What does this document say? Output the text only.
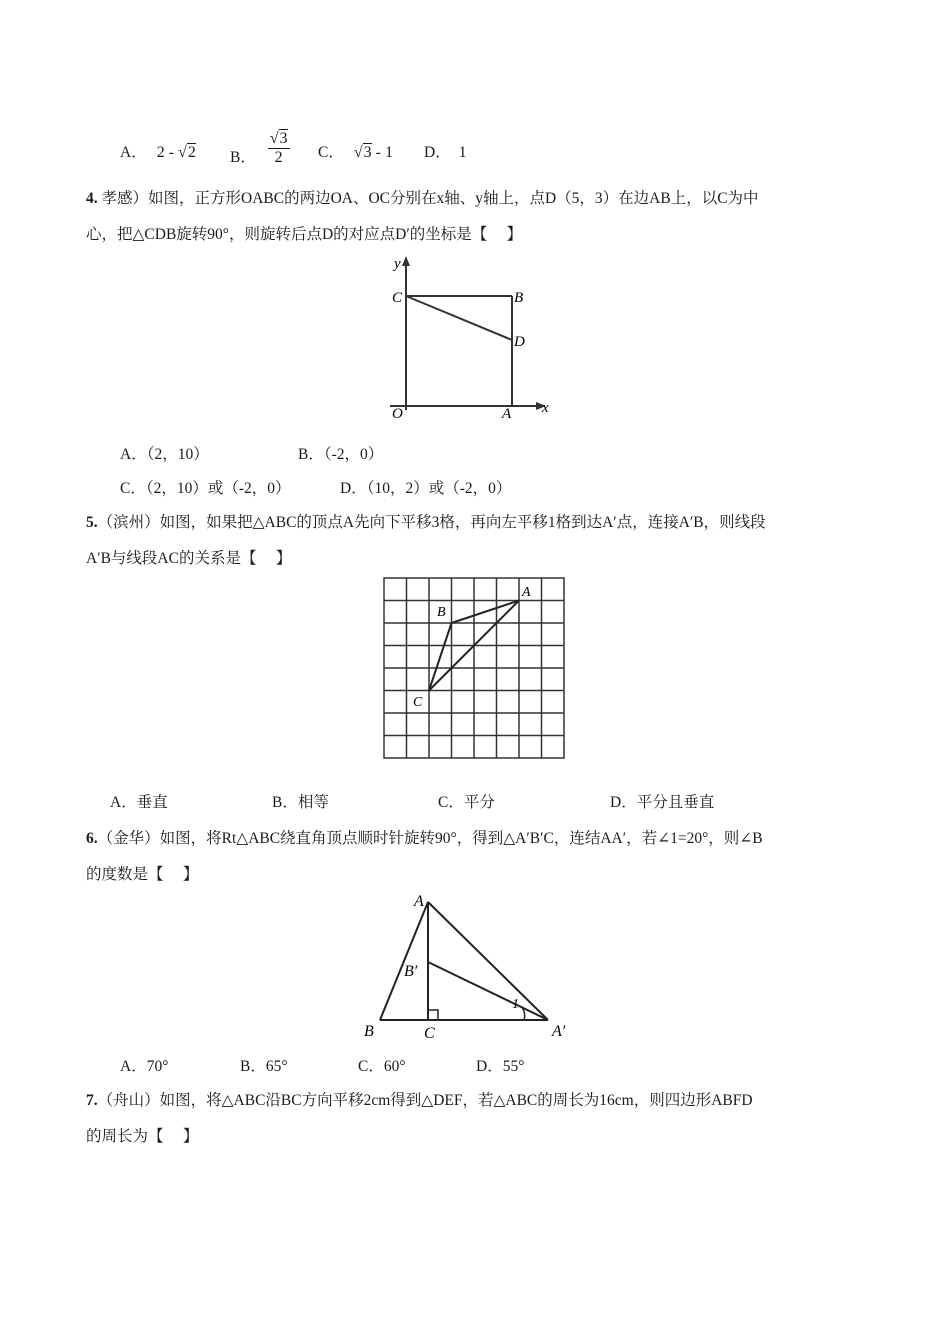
A． 2 - √2 B． $\frac{√3}{2}$ C． √3 - 1 D． 1
4. 孝感）如图，正方形OABC的两边OA、OC分别在x轴、y轴上，点D（5，3）在边AB上，以C为中
心，把△CDB旋转90°，则旋转后点D的对应点D′的坐标是【　 】
y
x
C	B
D
O	A
A．（2，10）	B．（-2，0）
C．（2，10）或（-2，0）	D．（10，2）或（-2，0）
5.（滨州）如图，如果把△ABC的顶点A先向下平移3格，再向左平移1格到达A′点，连接A′B，则线段
A′B与线段AC的关系是【　 】
A
B
C
A．垂直	B．相等	C．平分	D．平分且垂直
6.（金华）如图，将Rt△ABC绕直角顶点顺时针旋转90°，得到△A′B′C，连结AA′，若∠1=20°，则∠B
的度数是【　 】
A
B′
1
B	C	A′
A．70°	B．65°	C．60°	D．55°
7.（舟山）如图，将△ABC沿BC方向平移2cm得到△DEF，若△ABC的周长为16cm，则四边形ABFD
的周长为【　 】
